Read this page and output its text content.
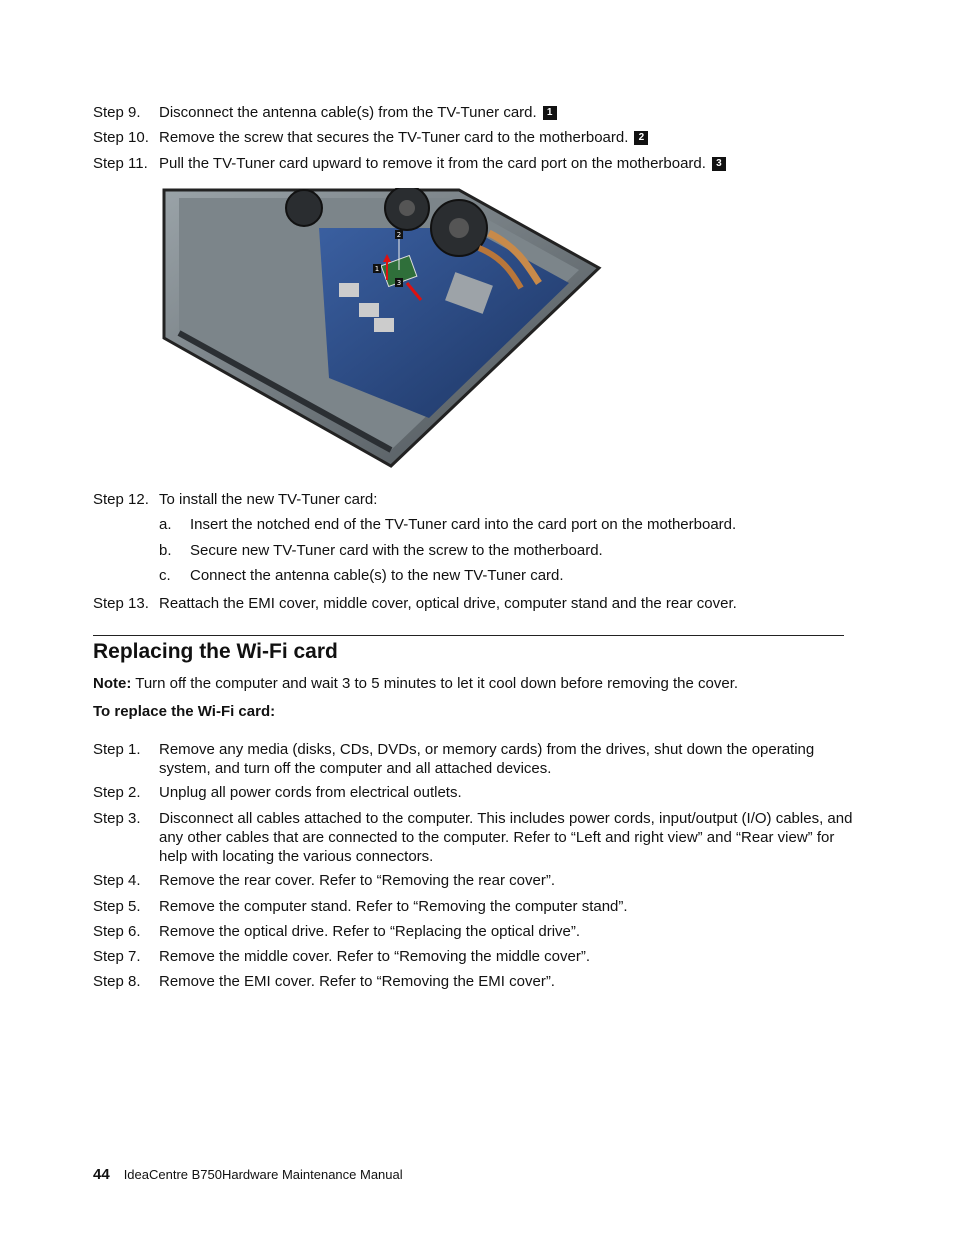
Step 9. Disconnect the antenna cable(s) from the TV-Tuner card. 1
Step 10. Remove the screw that secures the TV-Tuner card to the motherboard. 2
Step 11. Pull the TV-Tuner card upward to remove it from the card port on the motherboard. 3
1
2
3
Step 12. To install the new TV-Tuner card:
a. Insert the notched end of the TV-Tuner card into the card port on the motherboard.
b. Secure new TV-Tuner card with the screw to the motherboard.
c. Connect the antenna cable(s) to the new TV-Tuner card.
Step 13. Reattach the EMI cover, middle cover, optical drive, computer stand and the rear cover.
Replacing the Wi-Fi card
Note: Turn off the computer and wait 3 to 5 minutes to let it cool down before removing the cover.
To replace the Wi-Fi card:
Step 1. Remove any media (disks, CDs, DVDs, or memory cards) from the drives, shut down the operating system, and turn off the computer and all attached devices.
Step 2. Unplug all power cords from electrical outlets.
Step 3. Disconnect all cables attached to the computer. This includes power cords, input/output (I/O) cables, and any other cables that are connected to the computer. Refer to “Left and right view” and “Rear view” for help with locating the various connectors.
Step 4. Remove the rear cover. Refer to “Removing the rear cover”.
Step 5. Remove the computer stand. Refer to “Removing the computer stand”.
Step 6. Remove the optical drive. Refer to “Replacing the optical drive”.
Step 7. Remove the middle cover. Refer to “Removing the middle cover”.
Step 8. Remove the EMI cover. Refer to “Removing the EMI cover”.
44 IdeaCentre B750Hardware Maintenance Manual
